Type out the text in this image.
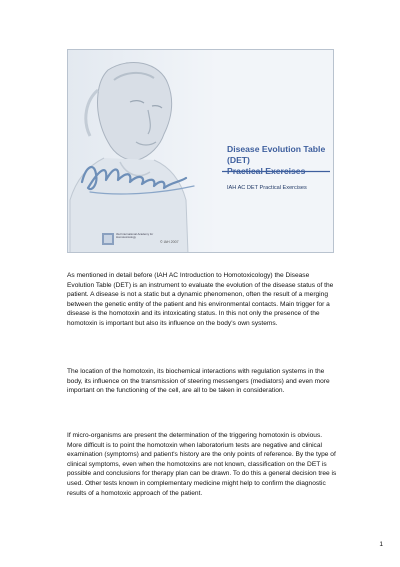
Disease Evolution Table (DET)
Practical Exercises
IAH AC DET Practical Exercises
IAH International Academy for Homotoxicology
© IAH 2007

As mentioned in detail before (IAH AC Introduction to Homotoxicology) the Disease Evolution Table (DET) is an instrument to evaluate the evolution of the disease status of the patient. A disease is not a static but a dynamic phenomenon, often the result of a merging between the genetic entity of the patient and his environmental contacts. Main trigger for a disease is the homotoxin and its intoxicating status. In this not only the presence of the homotoxin is important but also its influence on the body's own systems.

The location of the homotoxin, its biochemical interactions with regulation systems in the body, its influence on the transmission of steering messengers (mediators) and even more important on the functioning of the cell, are all to be taken in consideration.

If micro-organisms are present the determination of the triggering homotoxin is obvious. More difficult is to point the homotoxin when laboratorium tests are negative and clinical examination (symptoms) and patient's history are the only points of reference. By the type of clinical symptoms, even when the homotoxins are not known, classification on the DET is possible and conclusions for therapy plan can be drawn. To do this a general decision tree is used. Other tests known in complementary medicine might help to confirm the diagnostic results of a homotoxic approach of the patient.

1
